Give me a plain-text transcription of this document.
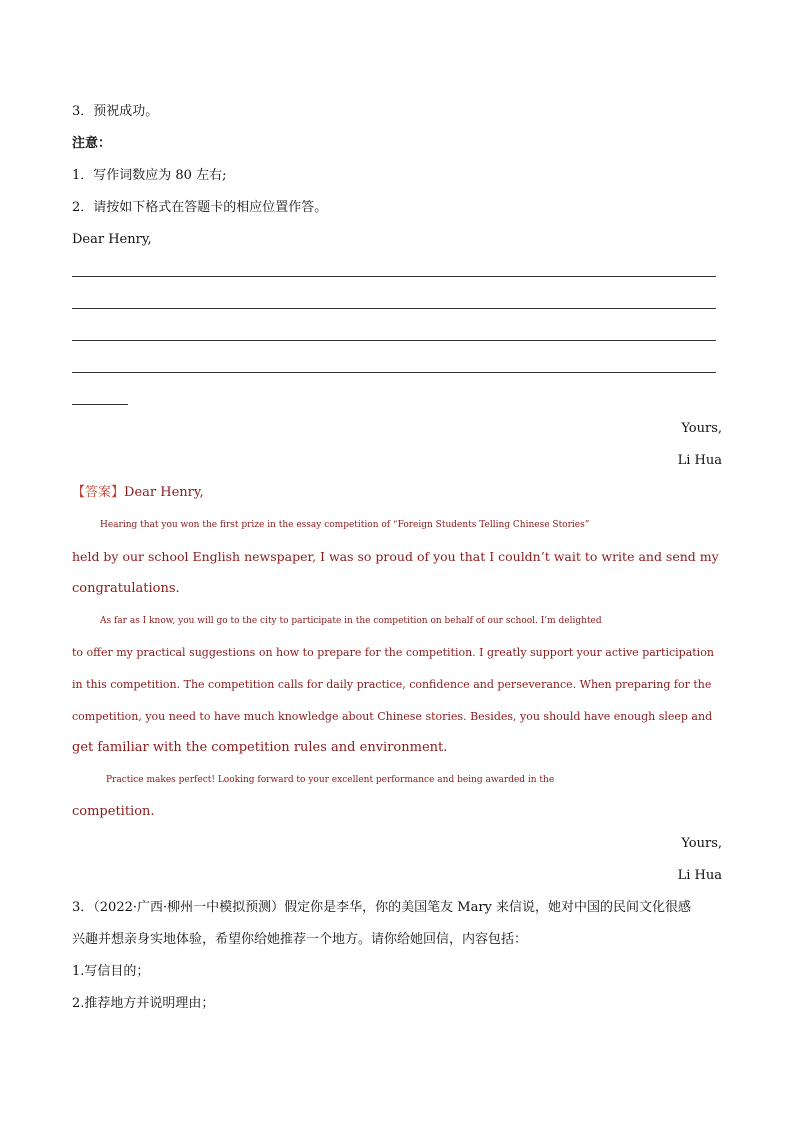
3．预祝成功。
注意：
1．写作词数应为 80 左右;
2．请按如下格式在答题卡的相应位置作答。
Dear Henry,
Yours,
Li Hua
【答案】Dear Henry,
Hearing that you won the first prize in the essay competition of “Foreign Students Telling Chinese Stories”
held by our school English newspaper, I was so proud of you that I couldn’t wait to write and send my
congratulations.
As far as I know, you will go to the city to participate in the competition on behalf of our school. I’m delighted
to offer my practical suggestions on how to prepare for the competition. I greatly support your active participation
in this competition. The competition calls for daily practice, confidence and perseverance. When preparing for the
competition, you need to have much knowledge about Chinese stories. Besides, you should have enough sleep and
get familiar with the competition rules and environment.
Practice makes perfect! Looking forward to your excellent performance and being awarded in the
competition.
Yours,
Li Hua
3．（2022·广西·柳州一中模拟预测）假定你是李华，你的美国笔友 Mary 来信说，她对中国的民间文化很感
兴趣并想亲身实地体验，希望你给她推荐一个地方。请你给她回信，内容包括：
1.写信目的；
2.推荐地方并说明理由；
